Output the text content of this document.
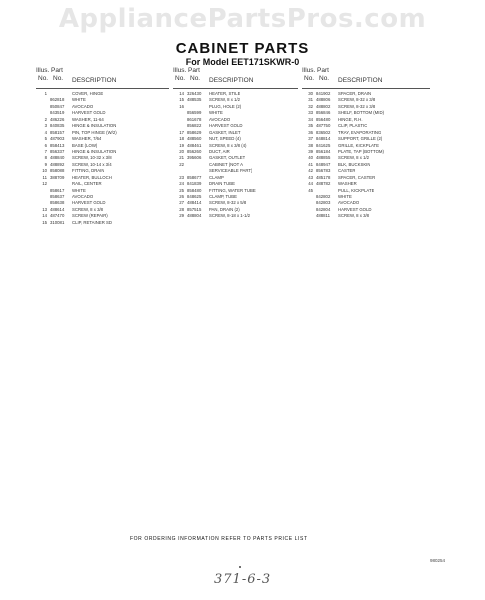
AppliancePartsPros.com
CABINET PARTS
For Model EET171SKWR-0
Illus.
No.
Part
No. DESCRIPTION
1	COVER, HINGE
862818	WHITE
850847	AVOCADO
843519	HARVEST GOLD
2 486226	WASHER, 11-64
3 840835	HINGE & INSULATION
4 858157	PIN, TOP HINGE (W/2)
5 487903	WASHER, 7/64
6 858413	BASE (LOW)
7 856337	HINGE & INSULATION
8 488840	SCREW, 10-32 x 3/8
9 488892	SCREW, 10-14 x 3/4
10 858088	FITTING, DRAIN
11 388709	HEATER, BULLOCH
12	RAIL, CENTER
858617	WHITE
858637	AVOCADO
858638	HARVEST GOLD
13 488614	SCREW, 8 x 3/8
14 487470	SCREW (REPAIR)
15 310081	CLIP, RETAINER SD
Illus.
No.
Part
No. DESCRIPTION
14 326430	HEATER, STILE
15 488535	SCREW, 8 x 1/2
16	PLUG, HOLE (2)
856599	WHITE
861678	AVOCADO
856822	HARVEST GOLD
17 858629	GASKET, INLET
18 488560	NUT, SPEED (4)
19 488461	SCREW, 8 x 3/8 (4)
20 856260	DUCT, AIR
21 395606	GASKET, OUTLET
22	CABINET (NOT A
SERVICEABLE PART)
23 858677	CLAMP
24 841839	DRAIN TUBE
25 858480	FITTING, WATER TUBE
26 848625	CLAMP, TUBE
27 488414	SCREW, 8-32 x 5/8
28 857515	PAN, DRAIN (2)
29 488804	SCREW, 8-18 x 1-1/2
Illus.
No.
Part
No. DESCRIPTION
30 841902	SPACER, DRAIN
31 488806	SCREW, 8-32 x 3/8
32 488802	SCREW, 8-32 x 3/8
33 856846	SHELF, BOTTOM (MID)
34 856480	HINGE, R.H.
35 487750	CLIP, PLASTIC
36 836502	TRAY, EVAPORATING
37 848814	SUPPORT, GRILLE (2)
38 841625	GRILLE, KICKPLATE
39 856184	PLATE, TAP (BOTTOM)
40 488855	SCREW, 8 x 1/2
41 848947	BLK, BUCKSKIN
42 856783	CASTER
43 485178	SPACER, CASTER
44 488782	WASHER
45	PULL, KICKPLATE
842802	WHITE
842803	AVOCADO
842804	HARVEST GOLD
488811	SCREW, 8 x 3/8
FOR ORDERING INFORMATION REFER TO PARTS PRICE LIST
980254
371-6-3
